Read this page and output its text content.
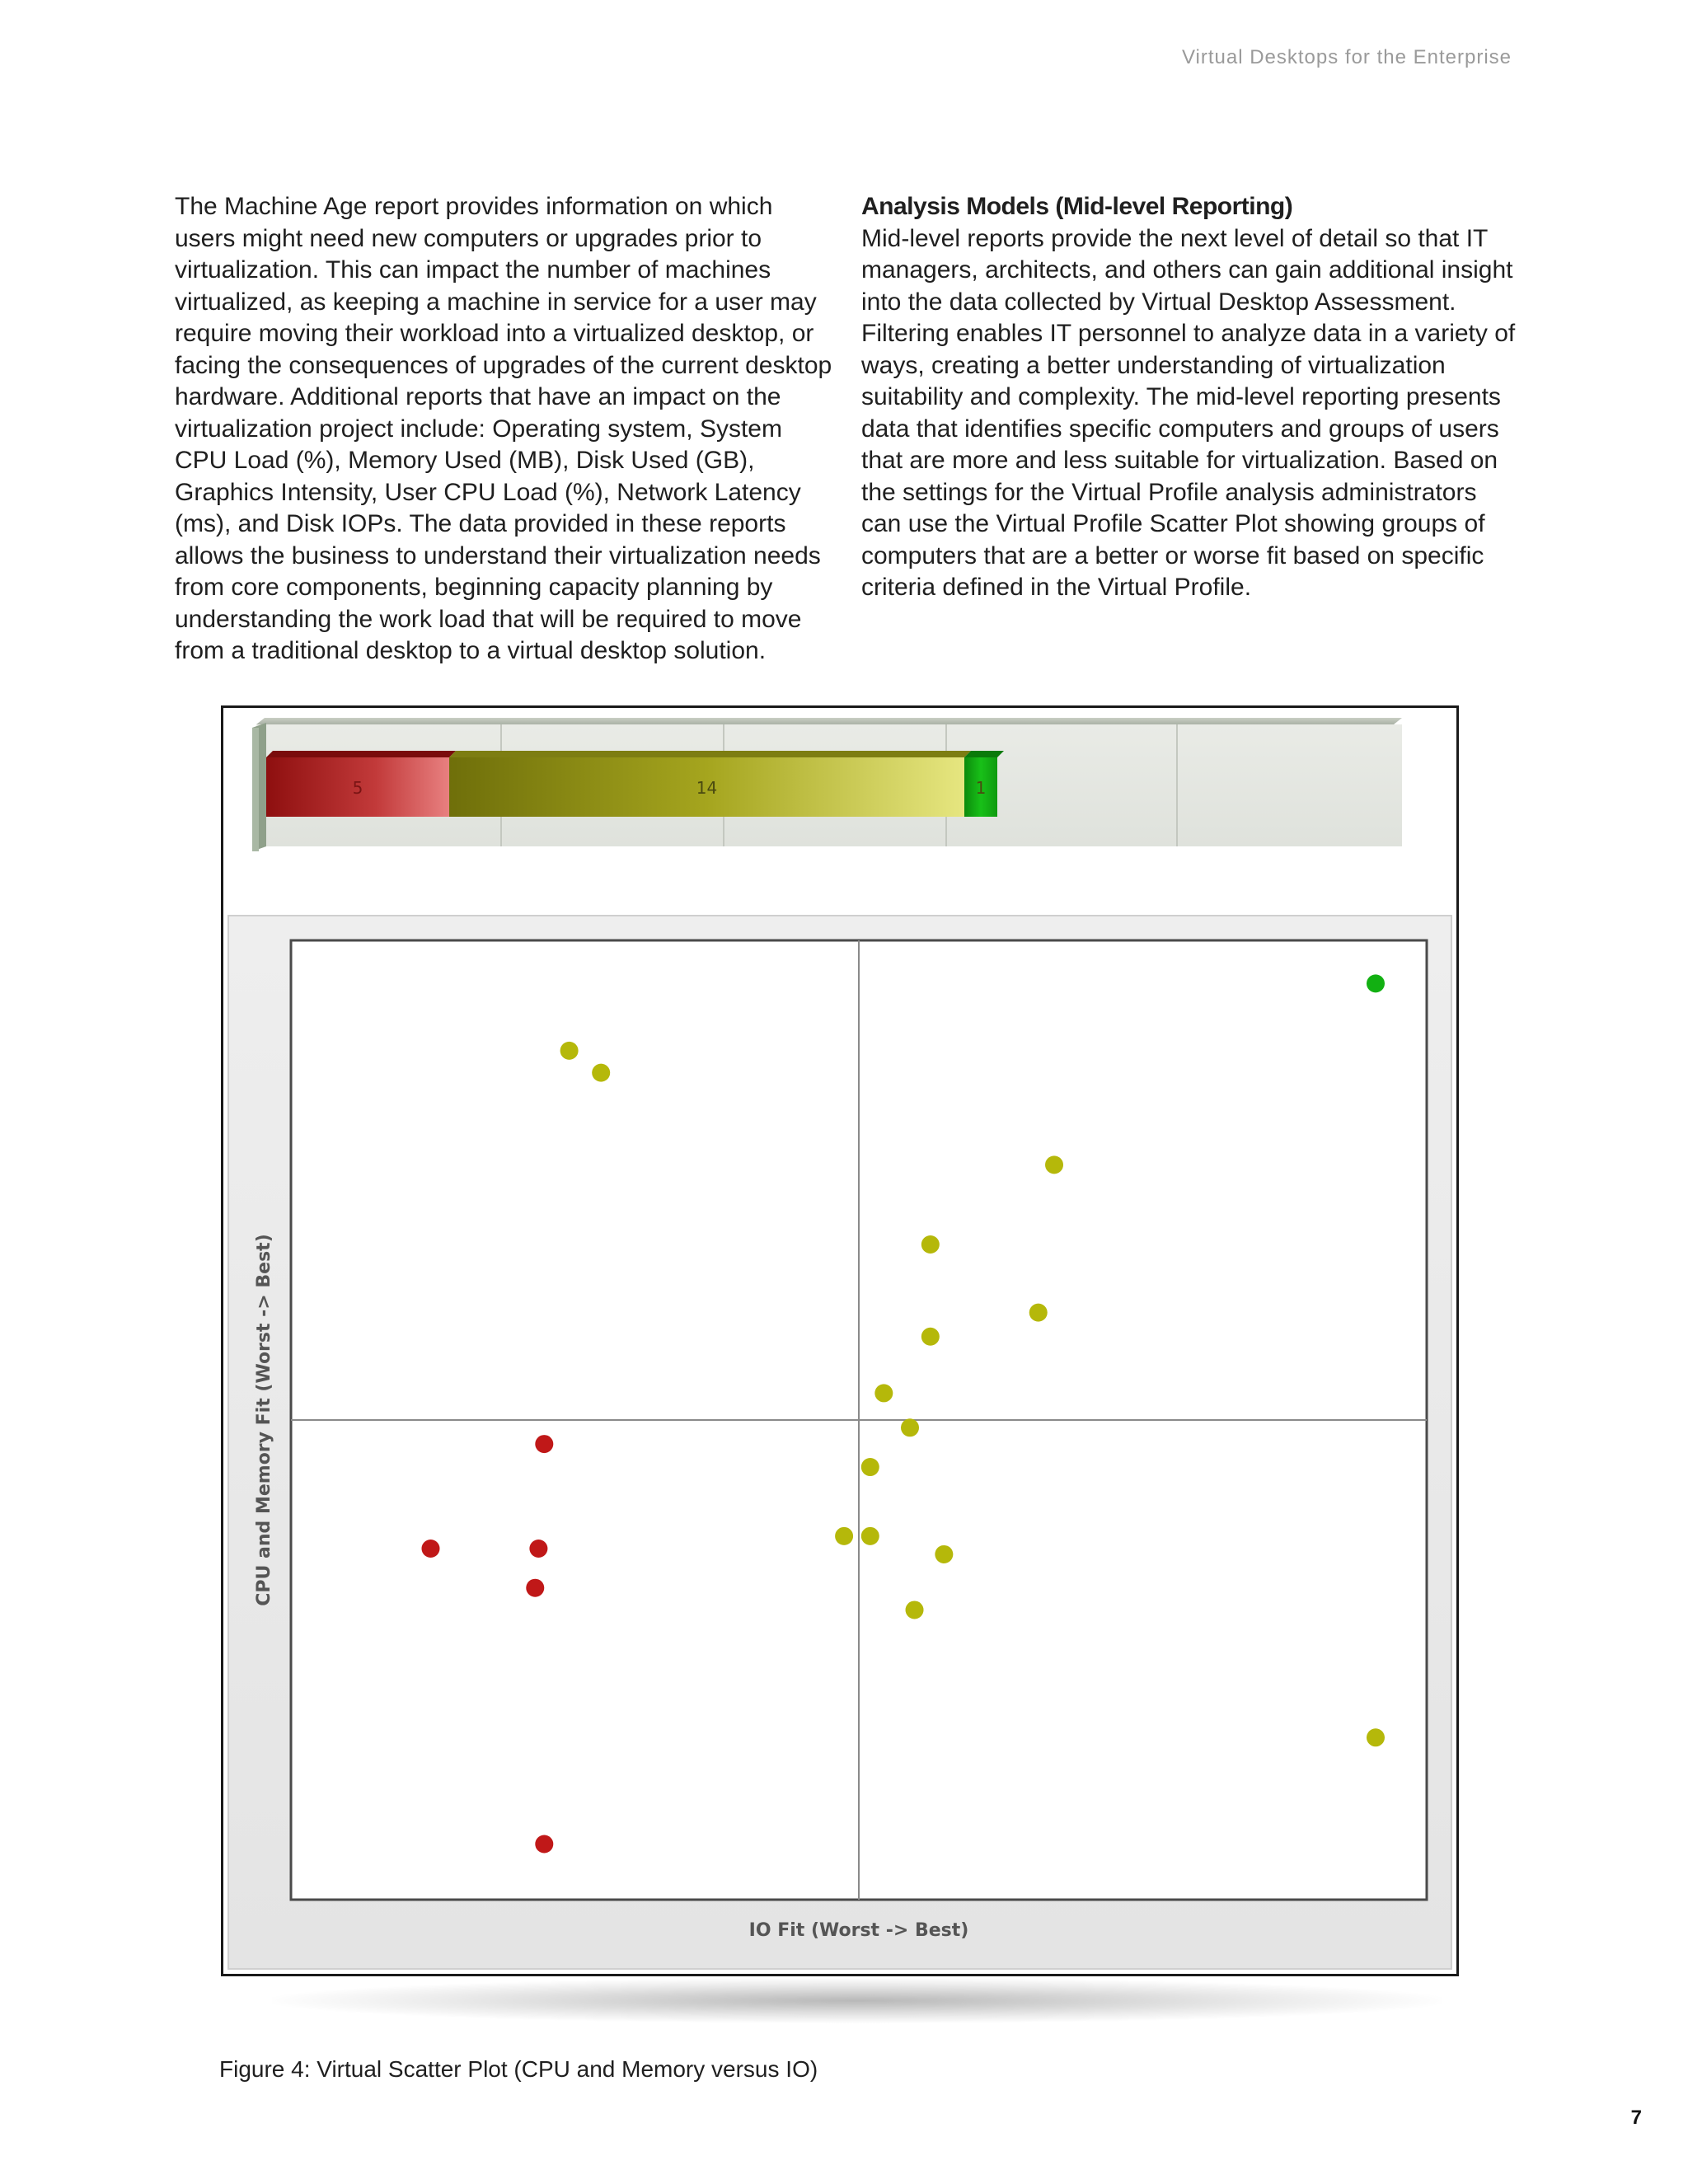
Virtual Desktops for the Enterprise

The Machine Age report provides information on which users might need new computers or upgrades prior to virtualization. This can impact the number of machines virtualized, as keeping a machine in service for a user may require moving their workload into a virtualized desktop, or facing the consequences of upgrades of the current desktop hardware. Additional reports that have an impact on the virtualization project include: Operating system, System CPU Load (%), Memory Used (MB), Disk Used (GB), Graphics Intensity, User CPU Load (%), Network Latency (ms), and Disk IOPs. The data provided in these reports allows the business to understand their virtualization needs from core components, beginning capacity planning by understanding the work load that will be required to move from a traditional desktop to a virtual desktop solution.

Analysis Models (Mid-level Reporting)

Mid-level reports provide the next level of detail so that IT managers, architects, and others can gain additional insight into the data collected by Virtual Desktop Assessment. Filtering enables IT personnel to analyze data in a variety of ways, creating a better understanding of virtualization suitability and complexity. The mid-level reporting presents data that identifies specific computers and groups of users that are more and less suitable for virtualization. Based on the settings for the Virtual Profile analysis administrators can use the Virtual Profile Scatter Plot showing groups of computers that are a better or worse fit based on specific criteria defined in the Virtual Profile.

5	14	1
IO Fit (Worst -> Best)
CPU and Memory Fit (Worst -> Best)
Figure 4: Virtual Scatter Plot (CPU and Memory versus IO)
7
